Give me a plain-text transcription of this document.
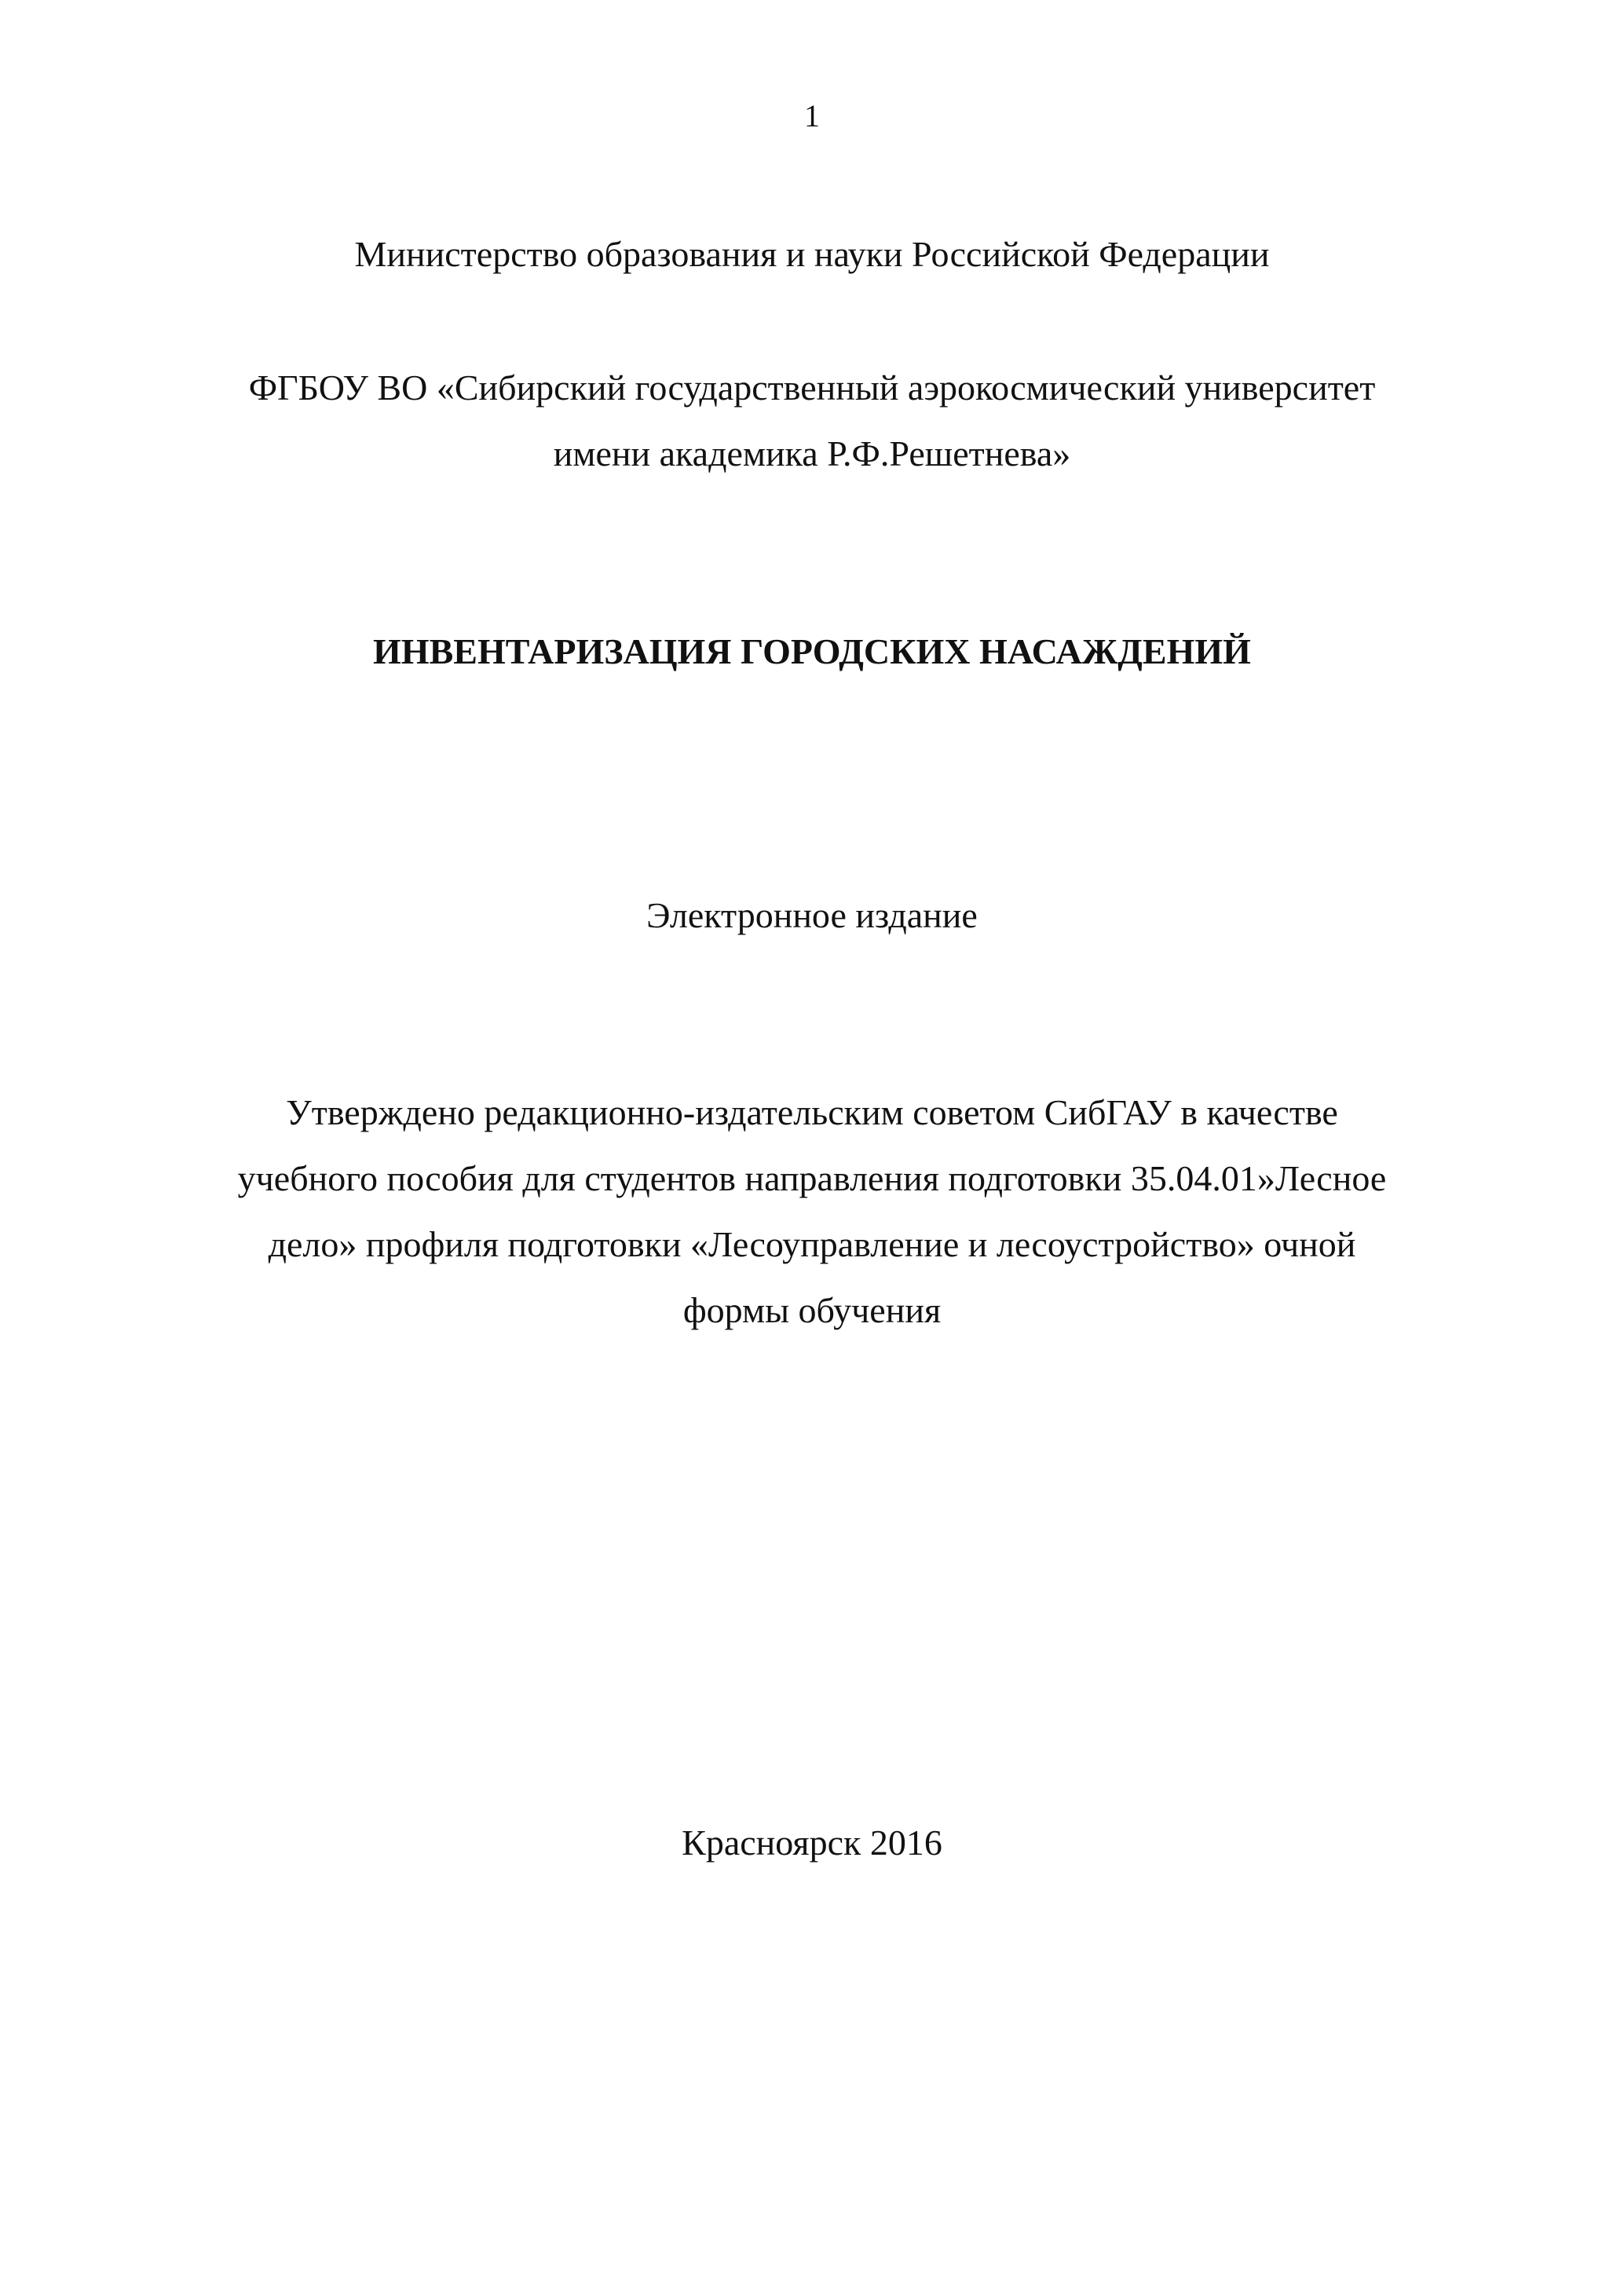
1
Министерство образования и науки Российской Федерации
ФГБОУ ВО «Сибирский государственный аэрокосмический университет
имени академика Р.Ф.Решетнева»
ИНВЕНТАРИЗАЦИЯ ГОРОДСКИХ НАСАЖДЕНИЙ
Электронное издание
Утверждено редакционно-издательским советом СибГАУ в качестве
учебного пособия для студентов направления подготовки 35.04.01»Лесное
дело» профиля подготовки «Лесоуправление и лесоустройство» очной
формы обучения
Красноярск 2016
